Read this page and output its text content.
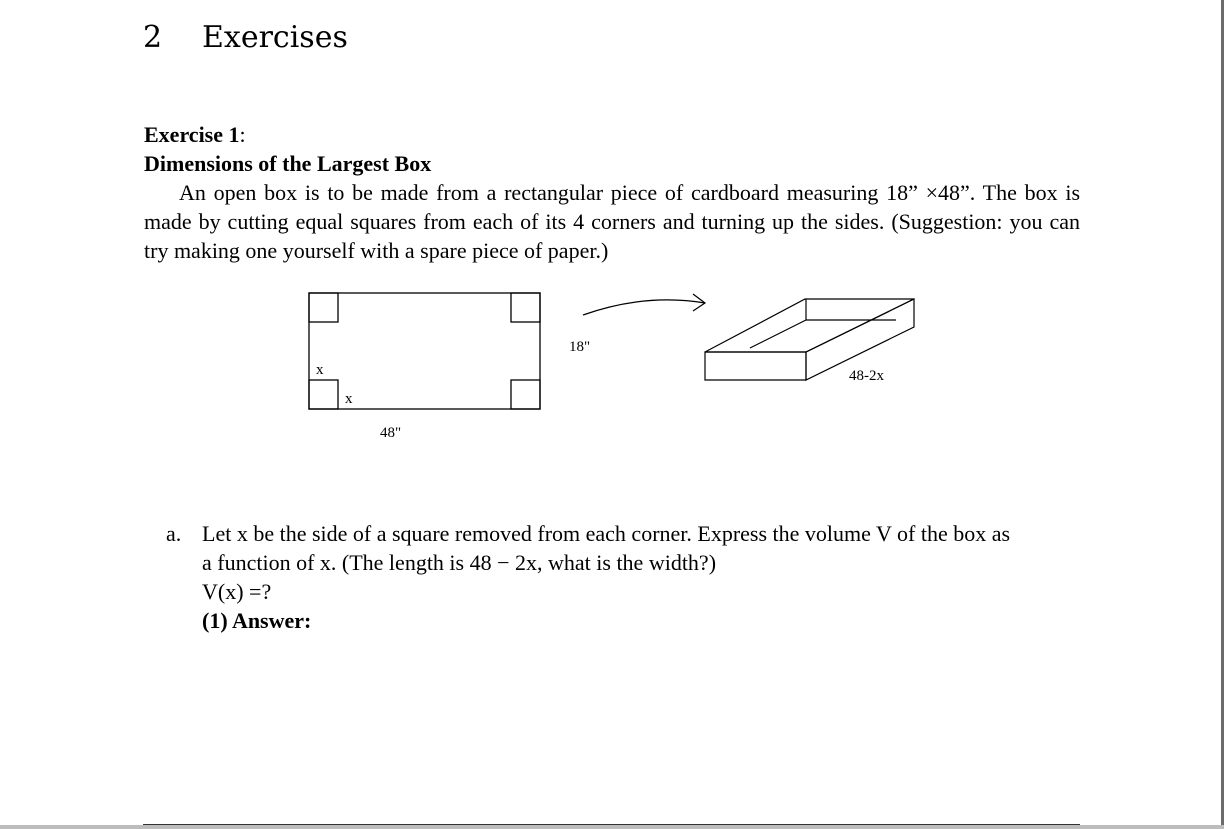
2 Exercises
Exercise 1:
Dimensions of the Largest Box

An open box is to be made from a rectangular piece of cardboard measuring 18” ×48”. The box is made by cutting equal squares from each of its 4 corners and turning up the sides. (Suggestion: you can try making one yourself with a spare piece of paper.)

x
x
48"
18"
48-2x
a. Let x be the side of a square removed from each corner. Express the volume V of the box as
a function of x. (The length is 48 − 2x, what is the width?)
V(x) =?
(1) Answer:
